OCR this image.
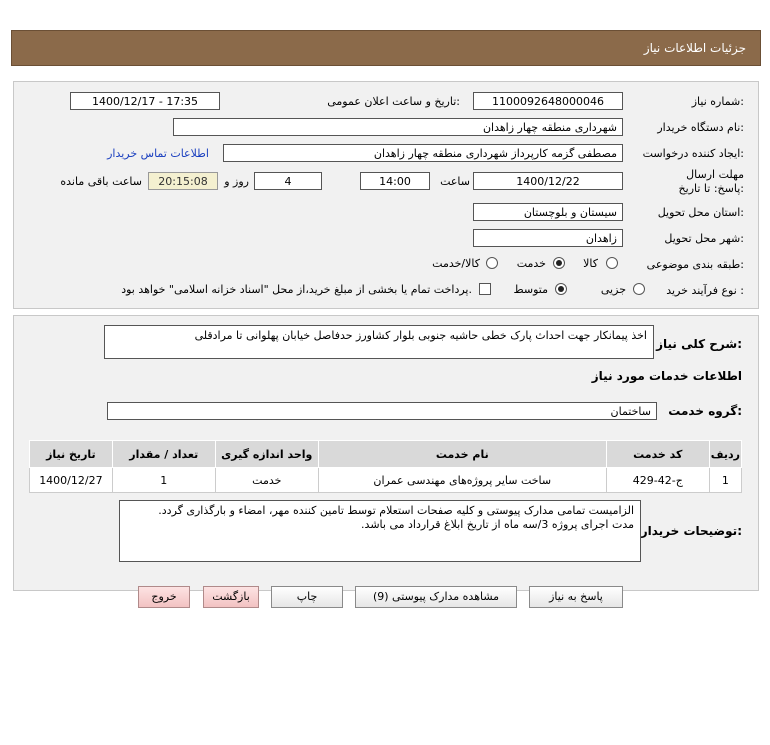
جزئیات اطلاعات نیاز
شماره نیاز:
1100092648000046
تاریخ و ساعت اعلان عمومی:
1400/12/17 - 17:35
نام دستگاه خریدار:
شهرداری منطقه چهار زاهدان
ایجاد کننده درخواست:
مصطفی گزمه کارپرداز شهرداری منطقه چهار زاهدان
اطلاعات تماس خریدار
مهلت ارسال پاسخ: تا تاریخ:
1400/12/22
ساعت
14:00
4
روز و
20:15:08
ساعت باقی مانده
استان محل تحویل:
سیستان و بلوچستان
شهر محل تحویل:
زاهدان
طبقه بندی موضوعی:
کالا
خدمت
کالا/خدمت
نوع فرآیند خرید :
جزیی
متوسط
پرداخت تمام یا بخشی از مبلغ خرید،از محل "اسناد خزانه اسلامی" خواهد بود.
شرح کلی نیاز:
اخذ پیمانکار جهت احداث پارک خطی حاشیه جنوبی بلوار کشاورز حدفاصل خیابان پهلوانی تا مرادقلی
اطلاعات خدمات مورد نیاز
گروه خدمت:
ساختمان
ردیف	کد خدمت	نام خدمت	واحد اندازه گیری	تعداد / مقدار	تاریخ نیاز
1	ج-42-429	ساخت سایر پروژه‌های مهندسی عمران	خدمت	1	1400/12/27
توضیحات خریدار:
الزامیست تمامی مدارک پیوستی و کلیه صفحات استعلام توسط تامین کننده مهر، امضاء و بارگذاری گردد.
مدت اجرای پروژه 3/سه ماه از تاریخ ابلاغ قرارداد می باشد.
پاسخ به نیاز
مشاهده مدارک پیوستی (9)
چاپ
بازگشت
خروج
